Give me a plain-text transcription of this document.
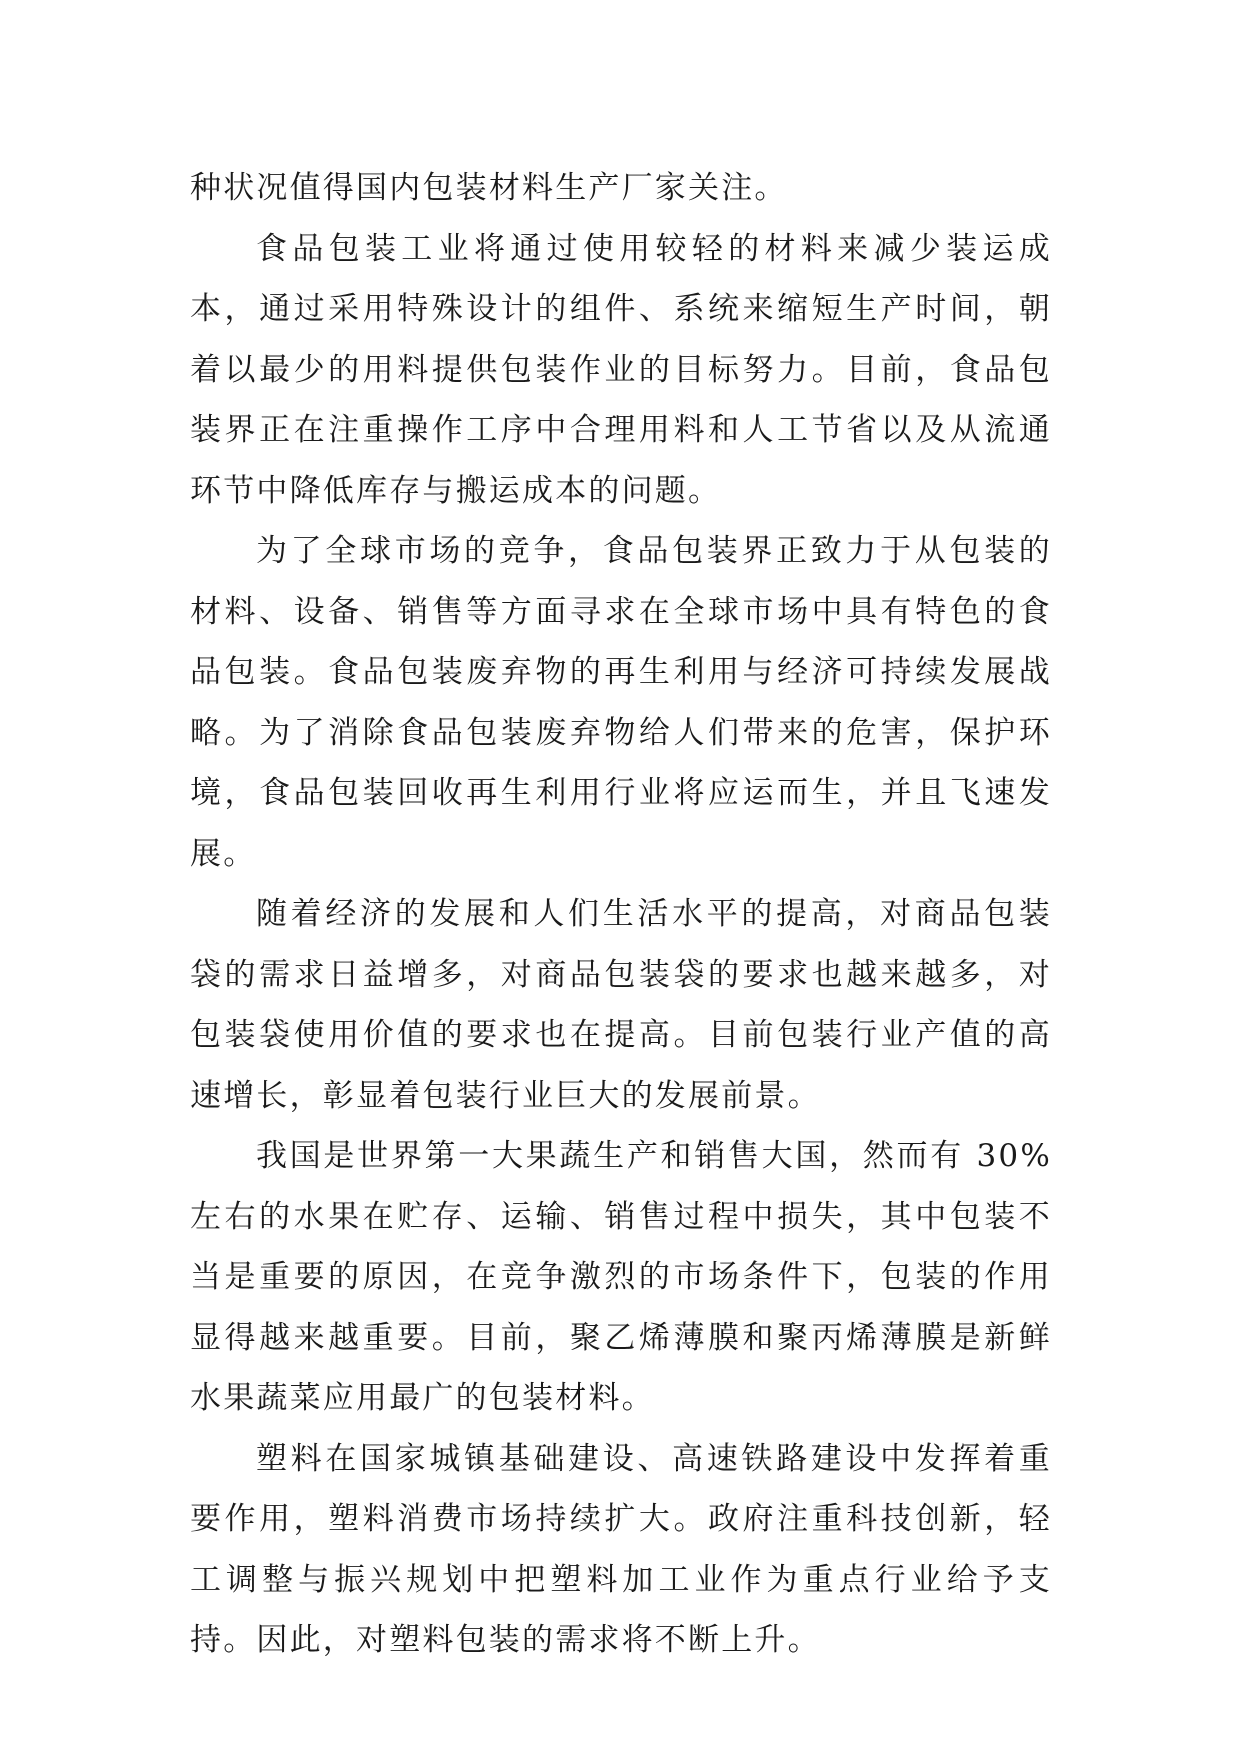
种状况值得国内包装材料生产厂家关注。

食品包装工业将通过使用较轻的材料来减少装运成本，通过采用特殊设计的组件、系统来缩短生产时间，朝着以最少的用料提供包装作业的目标努力。目前，食品包装界正在注重操作工序中合理用料和人工节省以及从流通环节中降低库存与搬运成本的问题。

为了全球市场的竞争，食品包装界正致力于从包装的材料、设备、销售等方面寻求在全球市场中具有特色的食品包装。食品包装废弃物的再生利用与经济可持续发展战略。为了消除食品包装废弃物给人们带来的危害，保护环境，食品包装回收再生利用行业将应运而生，并且飞速发展。

随着经济的发展和人们生活水平的提高，对商品包装袋的需求日益增多，对商品包装袋的要求也越来越多，对包装袋使用价值的要求也在提高。目前包装行业产值的高速增长，彰显着包装行业巨大的发展前景。

我国是世界第一大果蔬生产和销售大国，然而有 30%左右的水果在贮存、运输、销售过程中损失，其中包装不当是重要的原因，在竞争激烈的市场条件下，包装的作用显得越来越重要。目前，聚乙烯薄膜和聚丙烯薄膜是新鲜水果蔬菜应用最广的包装材料。

塑料在国家城镇基础建设、高速铁路建设中发挥着重要作用，塑料消费市场持续扩大。政府注重科技创新，轻工调整与振兴规划中把塑料加工业作为重点行业给予支持。因此，对塑料包装的需求将不断上升。
